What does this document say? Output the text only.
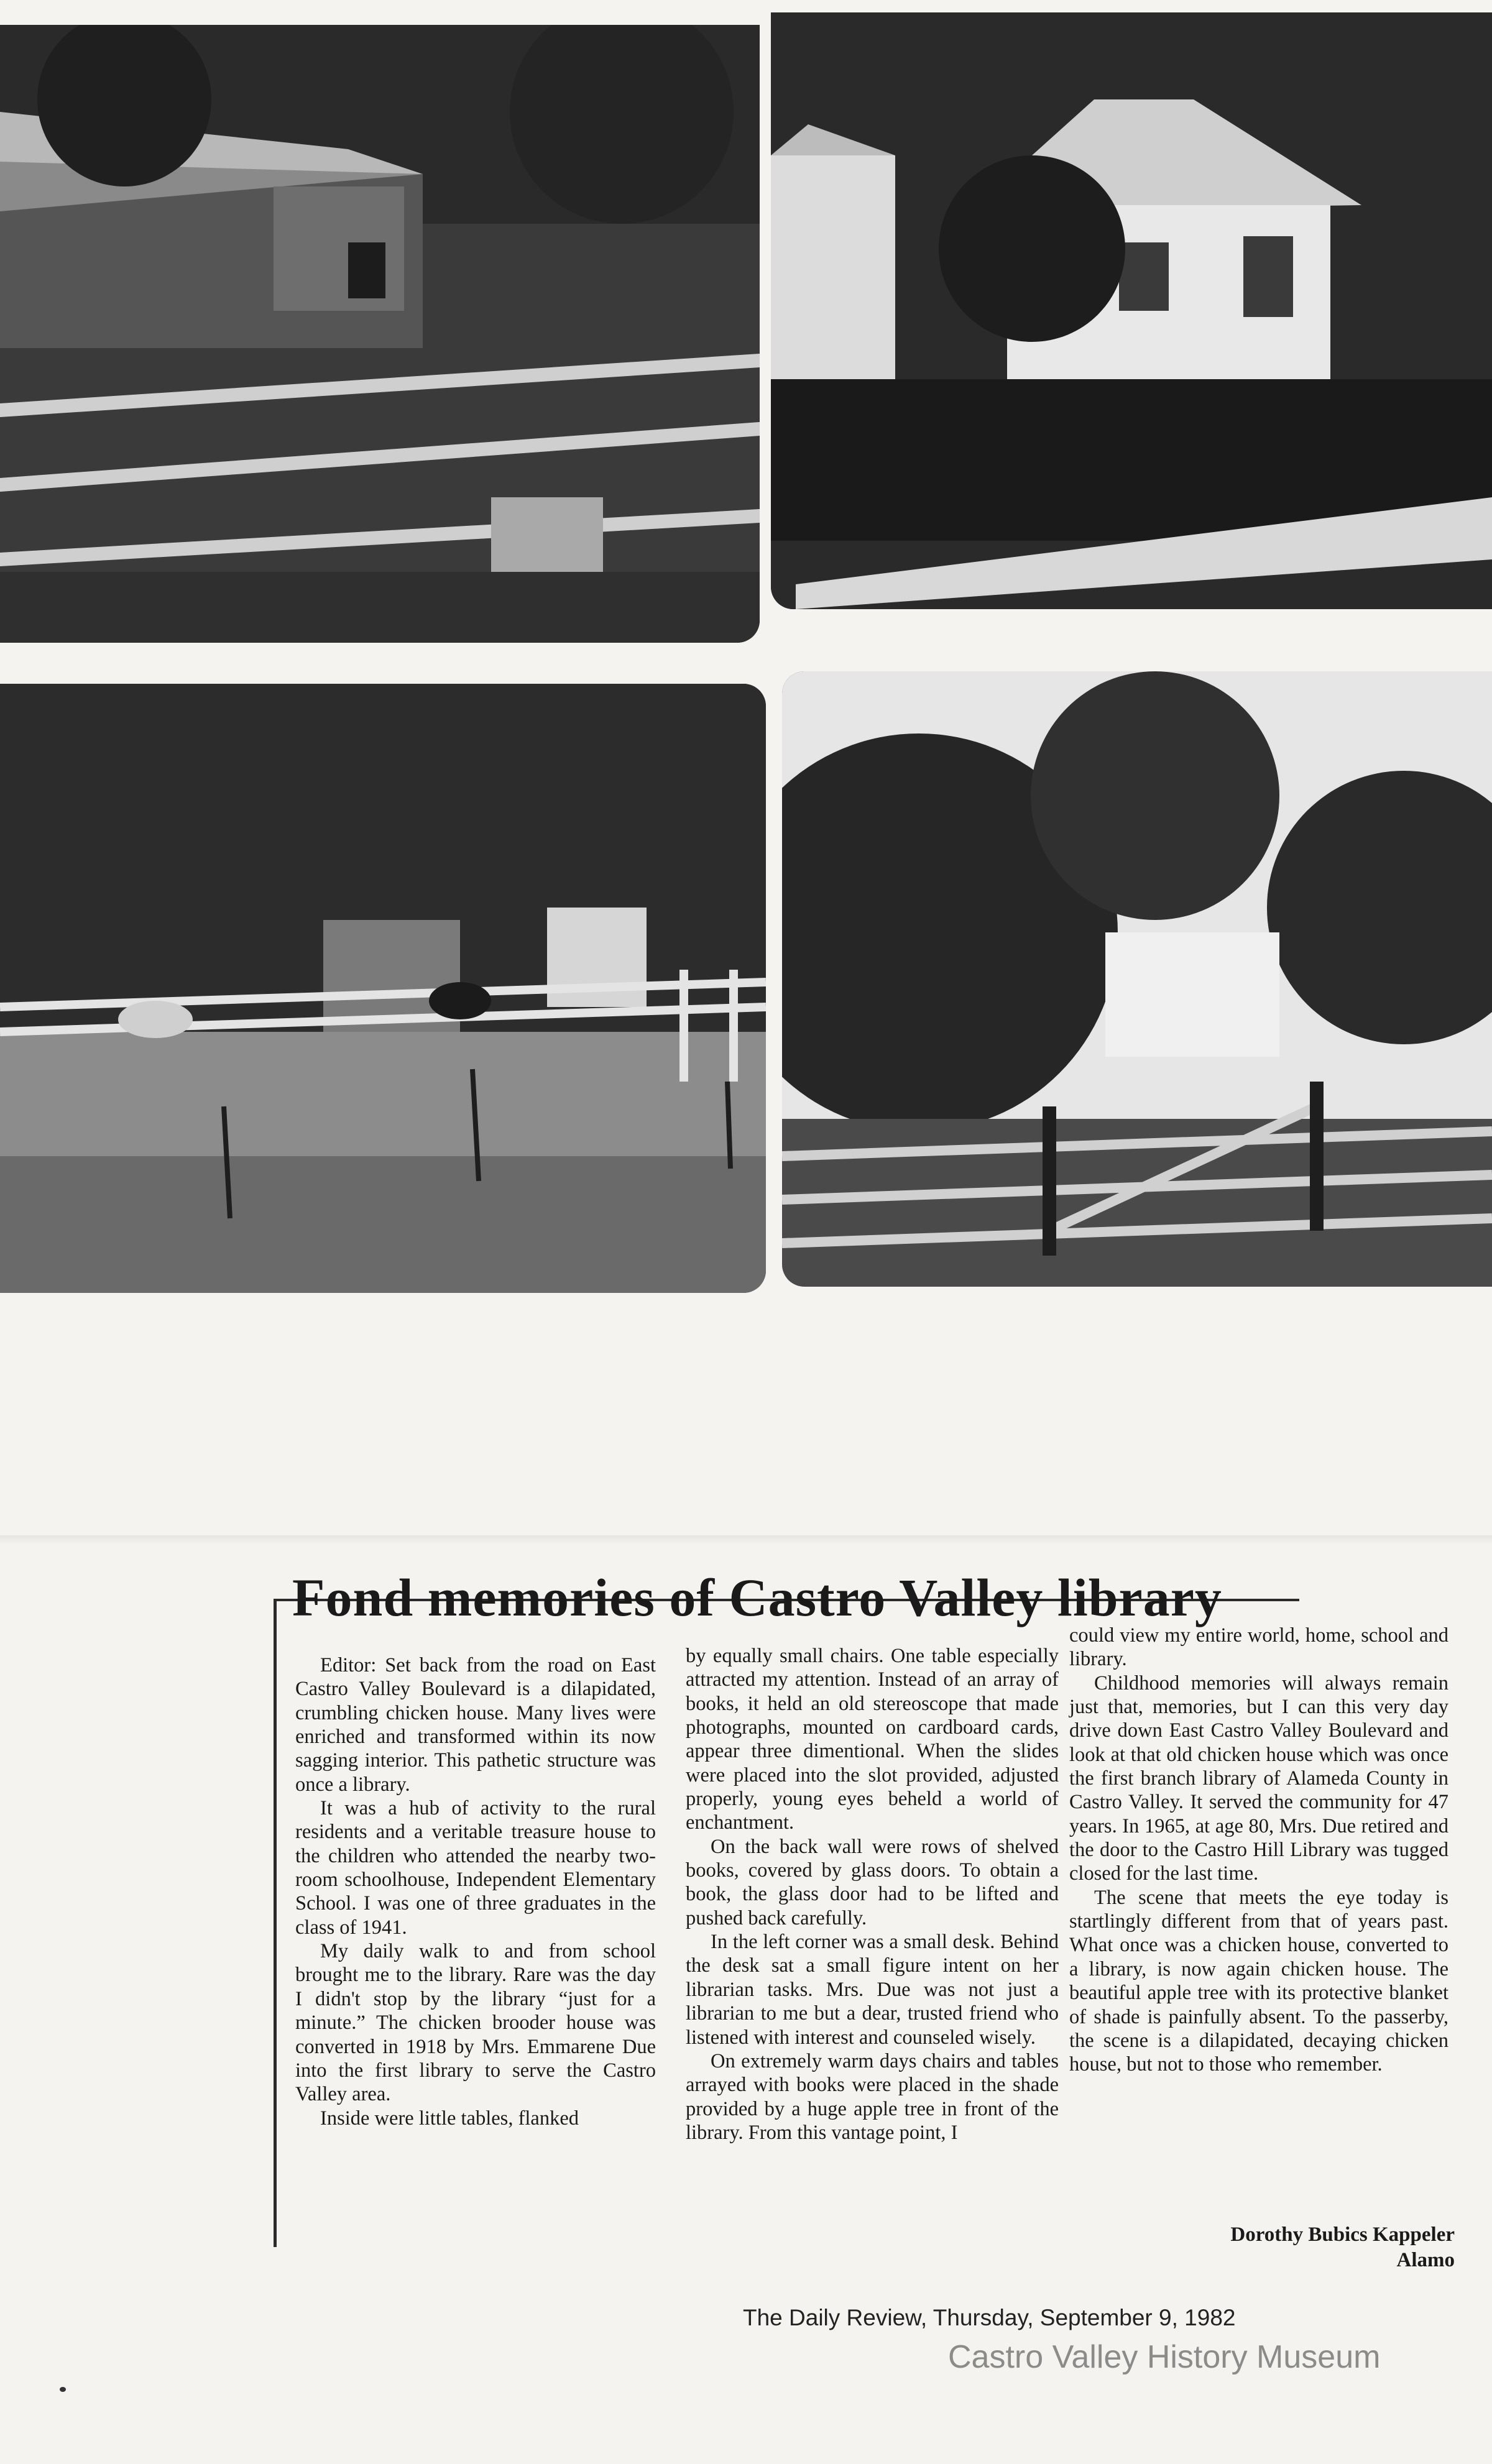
Fond memories of Castro Valley library

Editor: Set back from the road on East Castro Valley Boulevard is a dilapidated, crumbling chicken house. Many lives were enriched and transformed within its now sagging interior. This pathetic structure was once a library.

It was a hub of activity to the rural residents and a veritable treasure house to the children who attended the nearby two-room schoolhouse, Independent Elementary School. I was one of three graduates in the class of 1941.

My daily walk to and from school brought me to the library. Rare was the day I didn't stop by the library “just for a minute.” The chicken brooder house was converted in 1918 by Mrs. Emmarene Due into the first library to serve the Castro Valley area.

Inside were little tables, flanked

by equally small chairs. One table especially attracted my attention. Instead of an array of books, it held an old stereoscope that made photographs, mounted on cardboard cards, appear three dimentional. When the slides were placed into the slot provided, adjusted properly, young eyes beheld a world of enchantment.

On the back wall were rows of shelved books, covered by glass doors. To obtain a book, the glass door had to be lifted and pushed back carefully.

In the left corner was a small desk. Behind the desk sat a small figure intent on her librarian tasks. Mrs. Due was not just a librarian to me but a dear, trusted friend who listened with interest and counseled wisely.

On extremely warm days chairs and tables arrayed with books were placed in the shade provided by a huge apple tree in front of the library. From this vantage point, I

could view my entire world, home, school and library.

Childhood memories will always remain just that, memories, but I can this very day drive down East Castro Valley Boulevard and look at that old chicken house which was once the first branch library of Alameda County in Castro Valley. It served the community for 47 years. In 1965, at age 80, Mrs. Due retired and the door to the Castro Hill Library was tugged closed for the last time.

The scene that meets the eye today is startlingly different from that of years past. What once was a chicken house, converted to a library, is now again chicken house. The beautiful apple tree with its protective blanket of shade is painfully absent. To the passerby, the scene is a dilapidated, decaying chicken house, but not to those who remember.

Dorothy Bubics Kappeler
Alamo
The Daily Review, Thursday, September 9, 1982
Castro Valley History Museum
